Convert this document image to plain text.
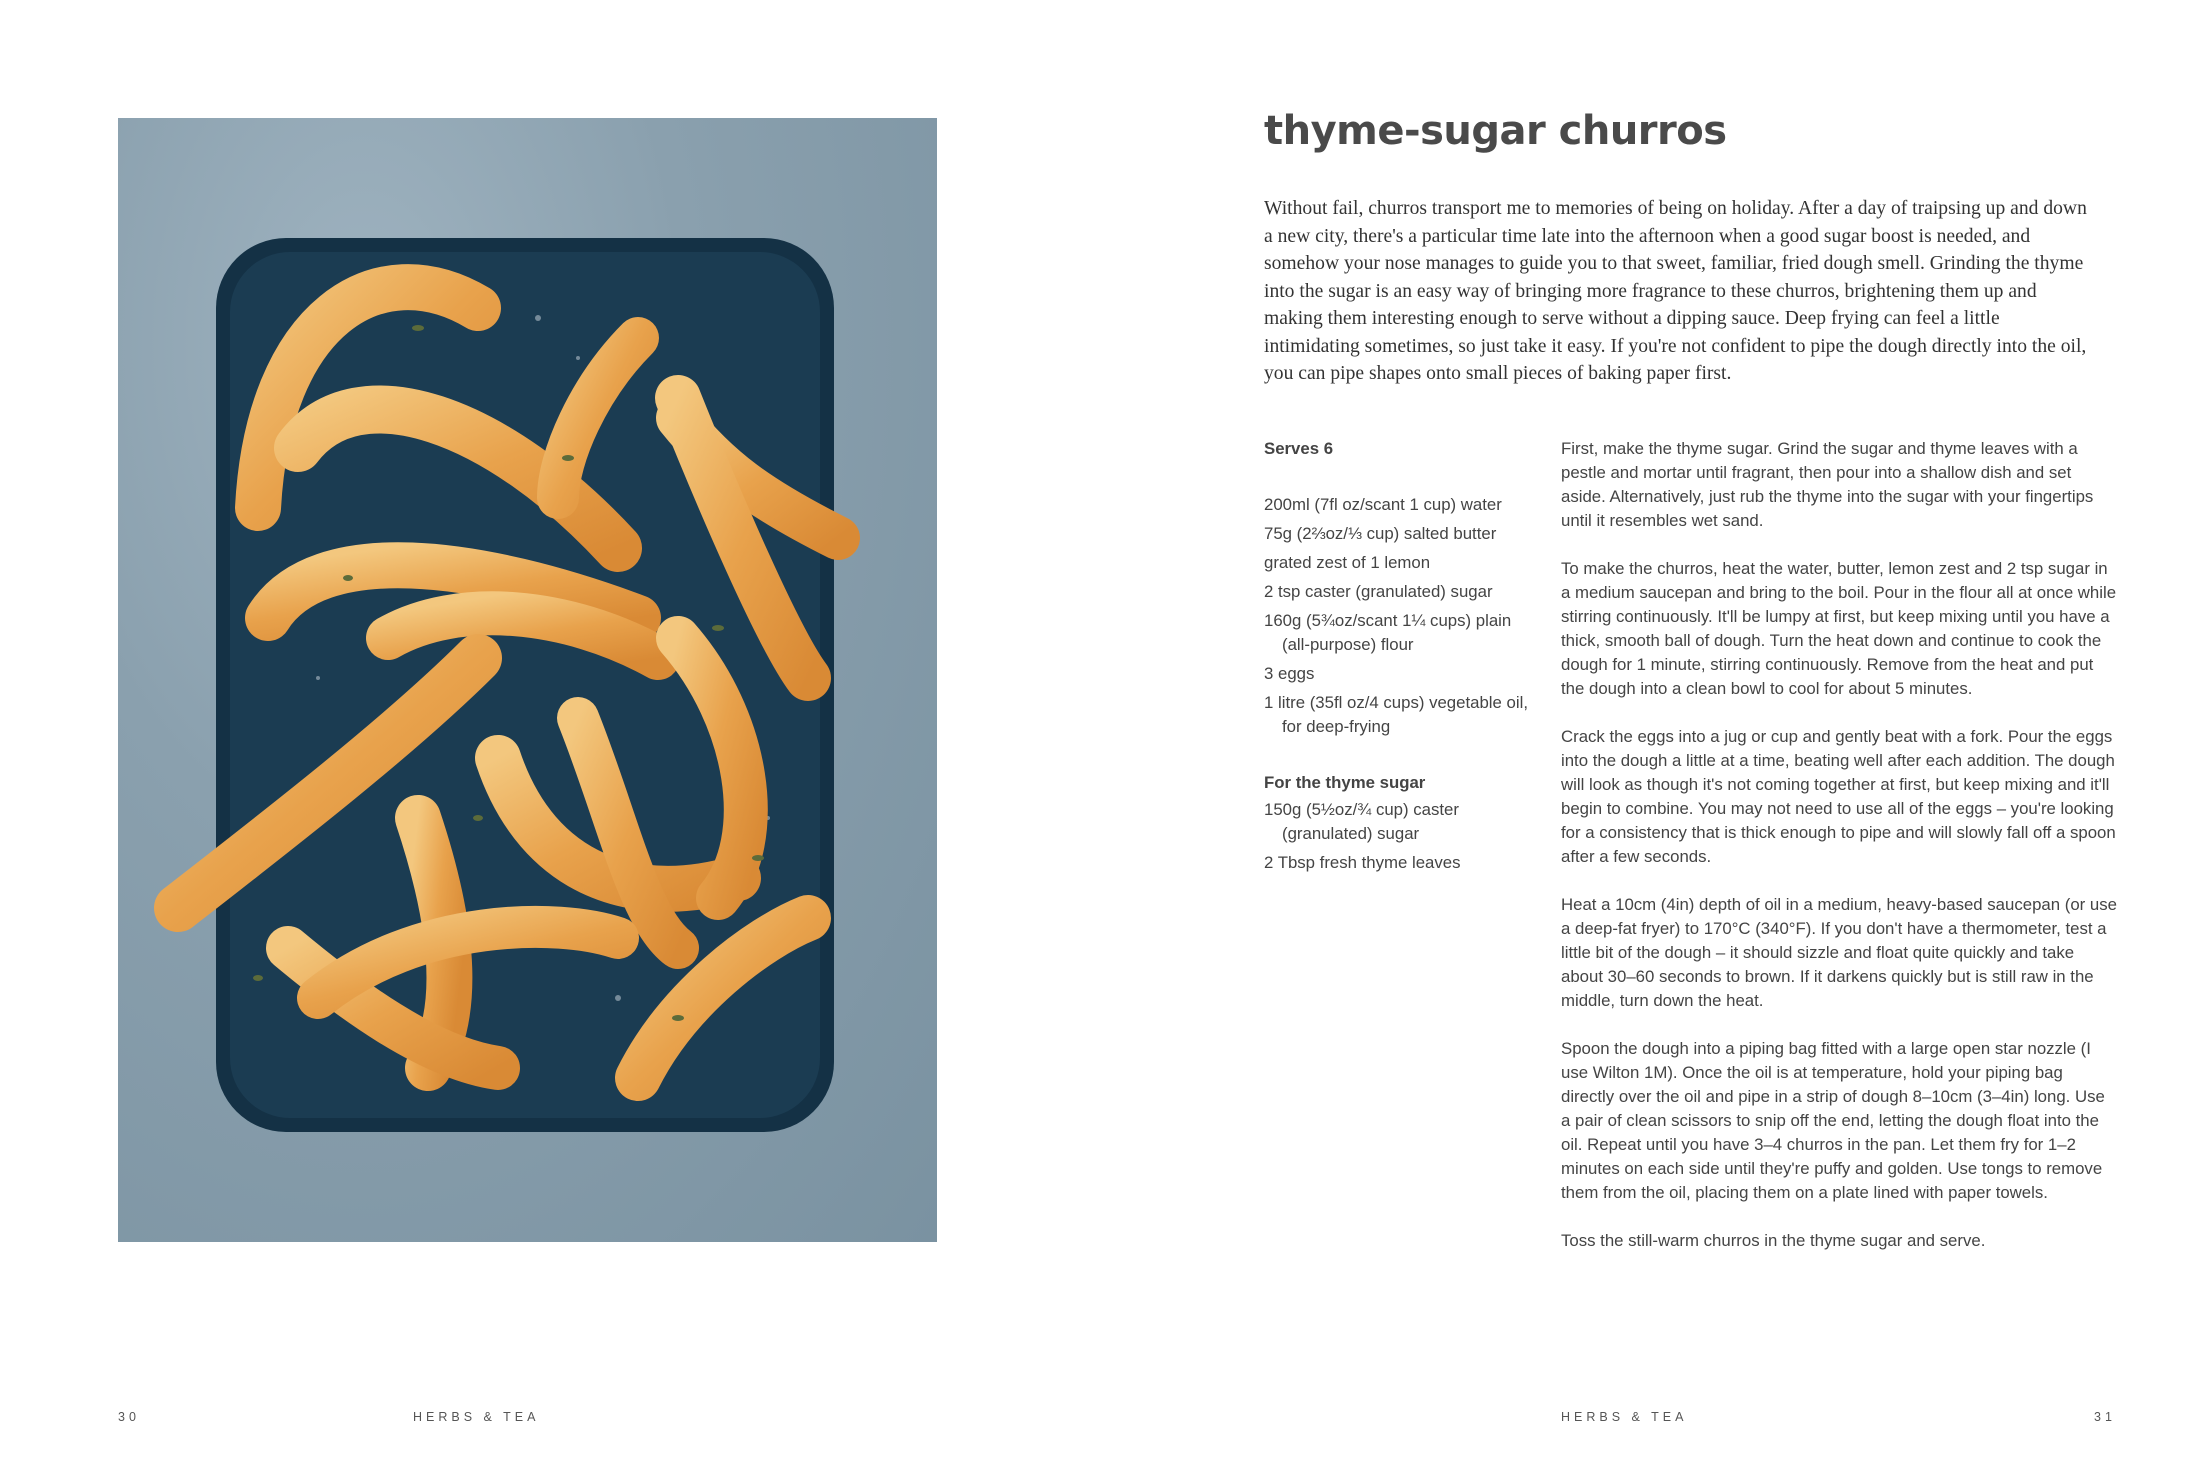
30	HERBS & TEA
thyme-sugar churros
Without fail, churros transport me to memories of being on holiday. After a day of traipsing up and down a new city, there's a particular time late into the afternoon when a good sugar boost is needed, and somehow your nose manages to guide you to that sweet, familiar, fried dough smell. Grinding the thyme into the sugar is an easy way of bringing more fragrance to these churros, brightening them up and making them interesting enough to serve without a dipping sauce. Deep frying can feel a little intimidating sometimes, so just take it easy. If you're not confident to pipe the dough directly into the oil, you can pipe shapes onto small pieces of baking paper first.
Serves 6
200ml (7fl oz/scant 1 cup) water
75g (2⅔oz/⅓ cup) salted butter
grated zest of 1 lemon
2 tsp caster (granulated) sugar
160g (5¾oz/scant 1¼ cups) plain (all-purpose) flour
3 eggs
1 litre (35fl oz/4 cups) vegetable oil, for deep-frying
For the thyme sugar
150g (5½oz/¾ cup) caster (granulated) sugar
2 Tbsp fresh thyme leaves

First, make the thyme sugar. Grind the sugar and thyme leaves with a pestle and mortar until fragrant, then pour into a shallow dish and set aside. Alternatively, just rub the thyme into the sugar with your fingertips until it resembles wet sand.

To make the churros, heat the water, butter, lemon zest and 2 tsp sugar in a medium saucepan and bring to the boil. Pour in the flour all at once while stirring continuously. It'll be lumpy at first, but keep mixing until you have a thick, smooth ball of dough. Turn the heat down and continue to cook the dough for 1 minute, stirring continuously. Remove from the heat and put the dough into a clean bowl to cool for about 5 minutes.

Crack the eggs into a jug or cup and gently beat with a fork. Pour the eggs into the dough a little at a time, beating well after each addition. The dough will look as though it's not coming together at first, but keep mixing and it'll begin to combine. You may not need to use all of the eggs – you're looking for a consistency that is thick enough to pipe and will slowly fall off a spoon after a few seconds.

Heat a 10cm (4in) depth of oil in a medium, heavy-based saucepan (or use a deep-fat fryer) to 170°C (340°F). If you don't have a thermometer, test a little bit of the dough – it should sizzle and float quite quickly and take about 30–60 seconds to brown. If it darkens quickly but is still raw in the middle, turn down the heat.

Spoon the dough into a piping bag fitted with a large open star nozzle (I use Wilton 1M). Once the oil is at temperature, hold your piping bag directly over the oil and pipe in a strip of dough 8–10cm (3–4in) long. Use a pair of clean scissors to snip off the end, letting the dough float into the oil. Repeat until you have 3–4 churros in the pan. Let them fry for 1–2 minutes on each side until they're puffy and golden. Use tongs to remove them from the oil, placing them on a plate lined with paper towels.

Toss the still-warm churros in the thyme sugar and serve.

HERBS & TEA	31
